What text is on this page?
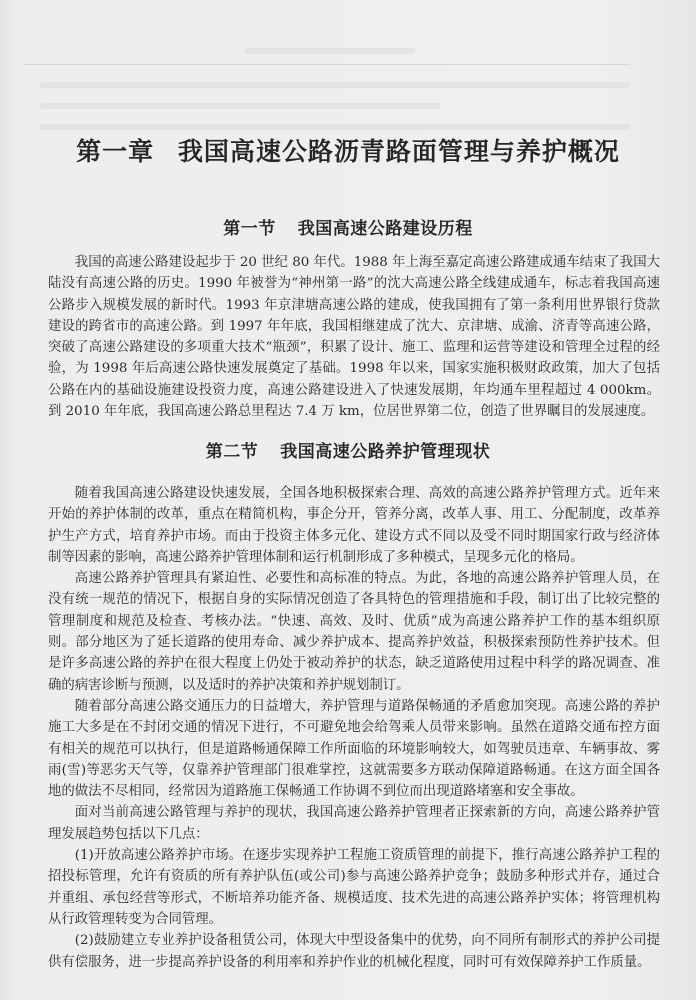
第一章 我国高速公路沥青路面管理与养护概况
第一节 我国高速公路建设历程

我国的高速公路建设起步于 20 世纪 80 年代。1988 年上海至嘉定高速公路建成通车结束了我国大陆没有高速公路的历史。1990 年被誉为“神州第一路”的沈大高速公路全线建成通车，标志着我国高速公路步入规模发展的新时代。1993 年京津塘高速公路的建成，使我国拥有了第一条利用世界银行贷款建设的跨省市的高速公路。到 1997 年年底，我国相继建成了沈大、京津塘、成渝、济青等高速公路，突破了高速公路建设的多项重大技术“瓶颈”，积累了设计、施工、监理和运营等建设和管理全过程的经验，为 1998 年后高速公路快速发展奠定了基础。1998 年以来，国家实施积极财政政策，加大了包括公路在内的基础设施建设投资力度，高速公路建设进入了快速发展期，年均通车里程超过 4 000km。到 2010 年年底，我国高速公路总里程达 7.4 万 km，位居世界第二位，创造了世界瞩目的发展速度。

第二节 我国高速公路养护管理现状

随着我国高速公路建设快速发展，全国各地积极探索合理、高效的高速公路养护管理方式。近年来开始的养护体制的改革，重点在精简机构，事企分开，管养分离，改革人事、用工、分配制度，改革养护生产方式，培育养护市场。而由于投资主体多元化、建设方式不同以及受不同时期国家行政与经济体制等因素的影响，高速公路养护管理体制和运行机制形成了多种模式，呈现多元化的格局。

高速公路养护管理具有紧迫性、必要性和高标准的特点。为此，各地的高速公路养护管理人员，在没有统一规范的情况下，根据自身的实际情况创造了各具特色的管理措施和手段，制订出了比较完整的管理制度和规范及检查、考核办法。“快速、高效、及时、优质”成为高速公路养护工作的基本组织原则。部分地区为了延长道路的使用寿命、减少养护成本、提高养护效益，积极探索预防性养护技术。但是许多高速公路的养护在很大程度上仍处于被动养护的状态，缺乏道路使用过程中科学的路况调查、准确的病害诊断与预测，以及适时的养护决策和养护规划制订。

随着部分高速公路交通压力的日益增大，养护管理与道路保畅通的矛盾愈加突现。高速公路的养护施工大多是在不封闭交通的情况下进行，不可避免地会给驾乘人员带来影响。虽然在道路交通布控方面有相关的规范可以执行，但是道路畅通保障工作所面临的环境影响较大，如驾驶员违章、车辆事故、雾雨(雪)等恶劣天气等，仅靠养护管理部门很难掌控，这就需要多方联动保障道路畅通。在这方面全国各地的做法不尽相同，经常因为道路施工保畅通工作协调不到位而出现道路堵塞和安全事故。

面对当前高速公路管理与养护的现状，我国高速公路养护管理者正探索新的方向，高速公路养护管理发展趋势包括以下几点：

(1)开放高速公路养护市场。在逐步实现养护工程施工资质管理的前提下，推行高速公路养护工程的招投标管理，允许有资质的所有养护队伍(或公司)参与高速公路养护竞争；鼓励多种形式并存，通过合并重组、承包经营等形式，不断培养功能齐备、规模适度、技术先进的高速公路养护实体；将管理机构从行政管理转变为合同管理。

(2)鼓励建立专业养护设备租赁公司，体现大中型设备集中的优势，向不同所有制形式的养护公司提供有偿服务，进一步提高养护设备的利用率和养护作业的机械化程度，同时可有效保障养护工作质量。
